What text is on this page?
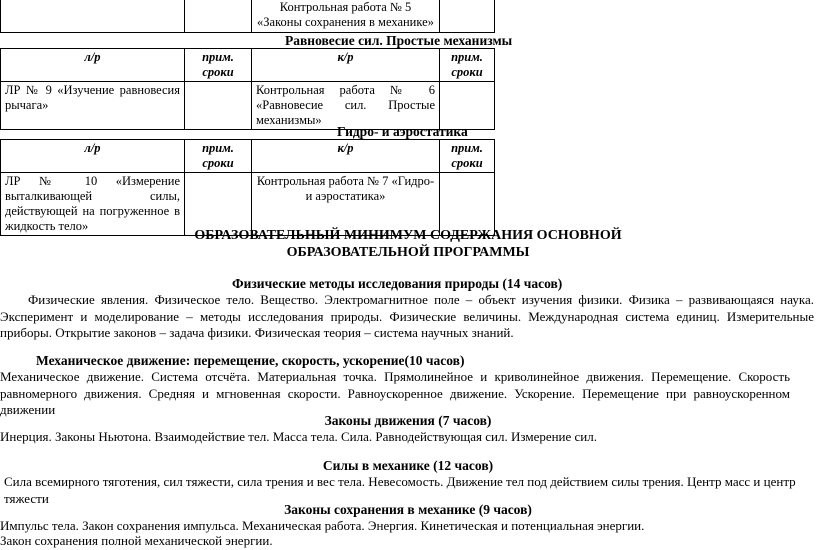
		Контрольная работа № 5 «Законы сохранения в механике»	
Равновесие сил. Простые механизмы
л/р	прим. сроки	к/р	прим. сроки
ЛР № 9 «Изучение равновесия рычага»		Контрольная работа № 6 «Равновесие сил. Простые механизмы»	
Гидро- и аэростатика
л/р	прим. сроки	к/р	прим. сроки
ЛР № 10 «Измерение выталкивающей силы, действующей на погруженное в жидкость тело»		Контрольная работа № 7 «Гидро- и аэростатика»	
ОБРАЗОВАТЕЛЬНЫЙ МИНИМУМ СОДЕРЖАНИЯ ОСНОВНОЙ
ОБРАЗОВАТЕЛЬНОЙ ПРОГРАММЫ
Физические методы исследования природы (14 часов)
Физические явления. Физическое тело. Вещество. Электромагнитное поле – объект изучения физики. Физика – развивающаяся наука. Эксперимент и моделирование – методы исследования природы. Физические величины. Международная система единиц. Измерительные приборы. Открытие законов – задача физики. Физическая теория – система научных знаний.
Механическое движение: перемещение, скорость, ускорение(10 часов)
Механическое движение. Система отсчёта. Материальная точка. Прямолинейное и криволинейное движения. Перемещение. Скорость равномерного движения. Средняя и мгновенная скорости. Равноускоренное движение. Ускорение. Перемещение при равноускоренном движении
Законы движения (7 часов)
Инерция. Законы Ньютона. Взаимодействие тел. Масса тела. Сила. Равнодействующая сил. Измерение сил.
Силы в механике (12 часов)
Сила всемирного тяготения, сил тяжести, сила трения и вес тела. Невесомость. Движение тел под действием силы трения. Центр масс и центр тяжести
Законы сохранения в механике (9 часов)
Импульс тела. Закон сохранения импульса. Механическая работа. Энергия. Кинетическая и потенциальная энергии.
Закон сохранения полной механической энергии.
